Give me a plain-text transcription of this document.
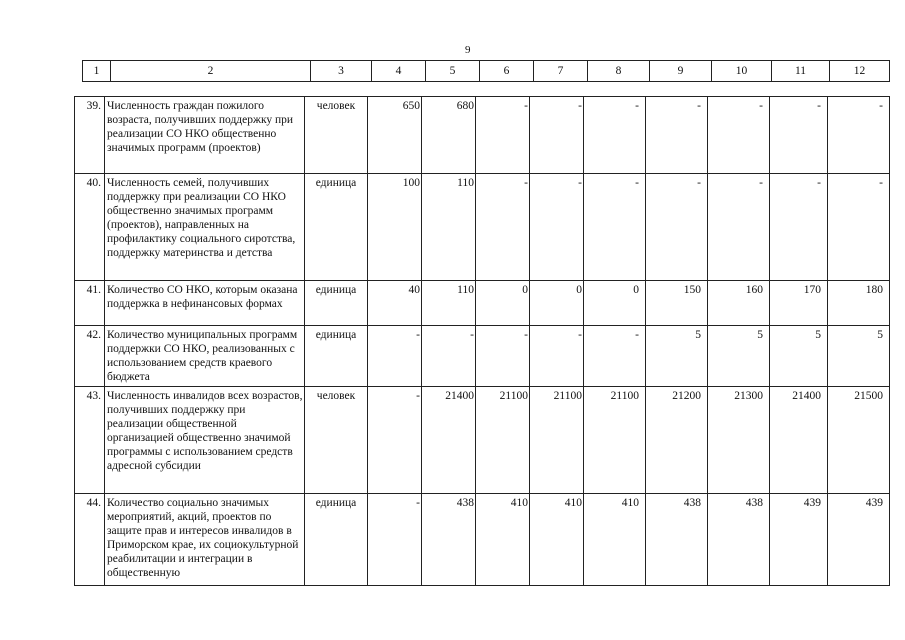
9
1	2	3	4	5	6	7	8	9	10	11	12
39.	Численность граждан пожилого возраста, получивших поддержку при реализации СО НКО общественно значимых программ (проектов)	человек	650	680	-	-	-	-	-	-	-
40.	Численность семей, получивших поддержку при реализации СО НКО общественно значимых программ (проектов), направленных на профилактику социального сиротства, поддержку материнства и детства	единица	100	110	-	-	-	-	-	-	-
41.	Количество СО НКО, которым оказана поддержка в нефинансовых формах	единица	40	110	0	0	0	150	160	170	180
42.	Количество муниципальных программ поддержки СО НКО, реализованных с использованием средств краевого бюджета	единица	-	-	-	-	-	5	5	5	5
43.	Численность инвалидов всех возрастов, получивших поддержку при реализации общественной организацией общественно значимой программы с использованием средств адресной субсидии	человек	-	21400	21100	21100	21100	21200	21300	21400	21500
44.	Количество социально значимых мероприятий, акций, проектов по защите прав и интересов инвалидов в Приморском крае, их социокультурной реабилитации и интеграции в общественную	единица	-	438	410	410	410	438	438	439	439
